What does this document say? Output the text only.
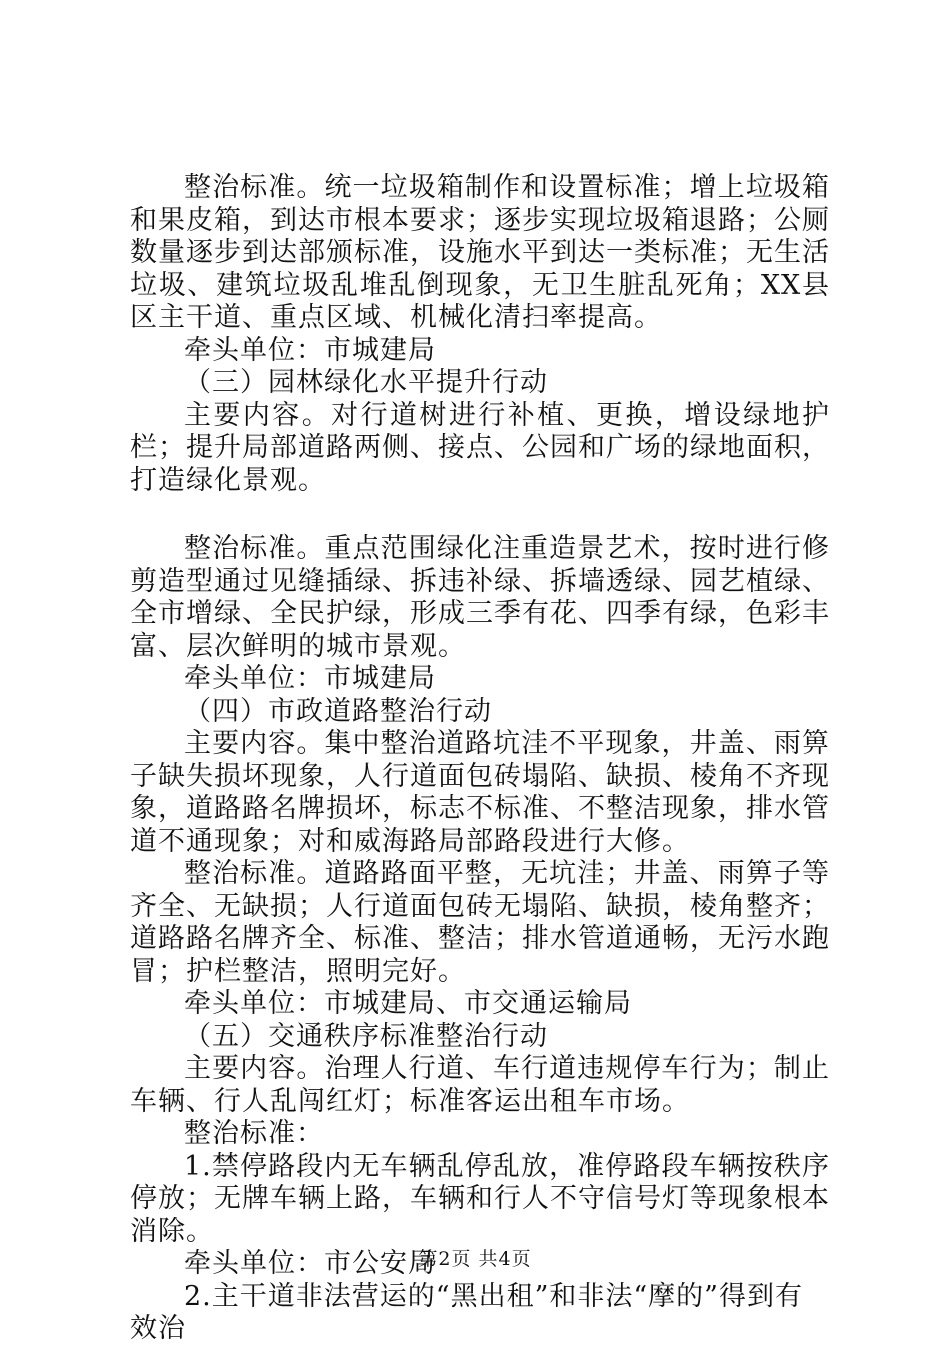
整治标准。统一垃圾箱制作和设置标准；增上垃圾箱和果皮箱，到达市根本要求；逐步实现垃圾箱退路；公厕数量逐步到达部颁标准，设施水平到达一类标准；无生活垃圾、建筑垃圾乱堆乱倒现象，无卫生脏乱死角；XX县区主干道、重点区域、机械化清扫率提高。

牵头单位：市城建局

（三）园林绿化水平提升行动

主要内容。对行道树进行补植、更换，增设绿地护栏；提升局部道路两侧、接点、公园和广场的绿地面积，打造绿化景观。

整治标准。重点范围绿化注重造景艺术，按时进行修剪造型通过见缝插绿、拆违补绿、拆墙透绿、园艺植绿、全市增绿、全民护绿，形成三季有花、四季有绿，色彩丰富、层次鲜明的城市景观。

牵头单位：市城建局

（四）市政道路整治行动

主要内容。集中整治道路坑洼不平现象，井盖、雨箅子缺失损坏现象，人行道面包砖塌陷、缺损、棱角不齐现象，道路路名牌损坏，标志不标准、不整洁现象，排水管道不通现象；对和威海路局部路段进行大修。

整治标准。道路路面平整，无坑洼；井盖、雨箅子等齐全、无缺损；人行道面包砖无塌陷、缺损，棱角整齐；道路路名牌齐全、标准、整洁；排水管道通畅，无污水跑冒；护栏整洁，照明完好。

牵头单位：市城建局、市交通运输局

（五）交通秩序标准整治行动

主要内容。治理人行道、车行道违规停车行为；制止车辆、行人乱闯红灯；标准客运出租车市场。

整治标准：

1.禁停路段内无车辆乱停乱放，准停路段车辆按秩序停放；无牌车辆上路，车辆和行人不守信号灯等现象根本消除。

牵头单位：市公安局

2.主干道非法营运的“黑出租”和非法“摩的”得到有效治

第2页 共4页
